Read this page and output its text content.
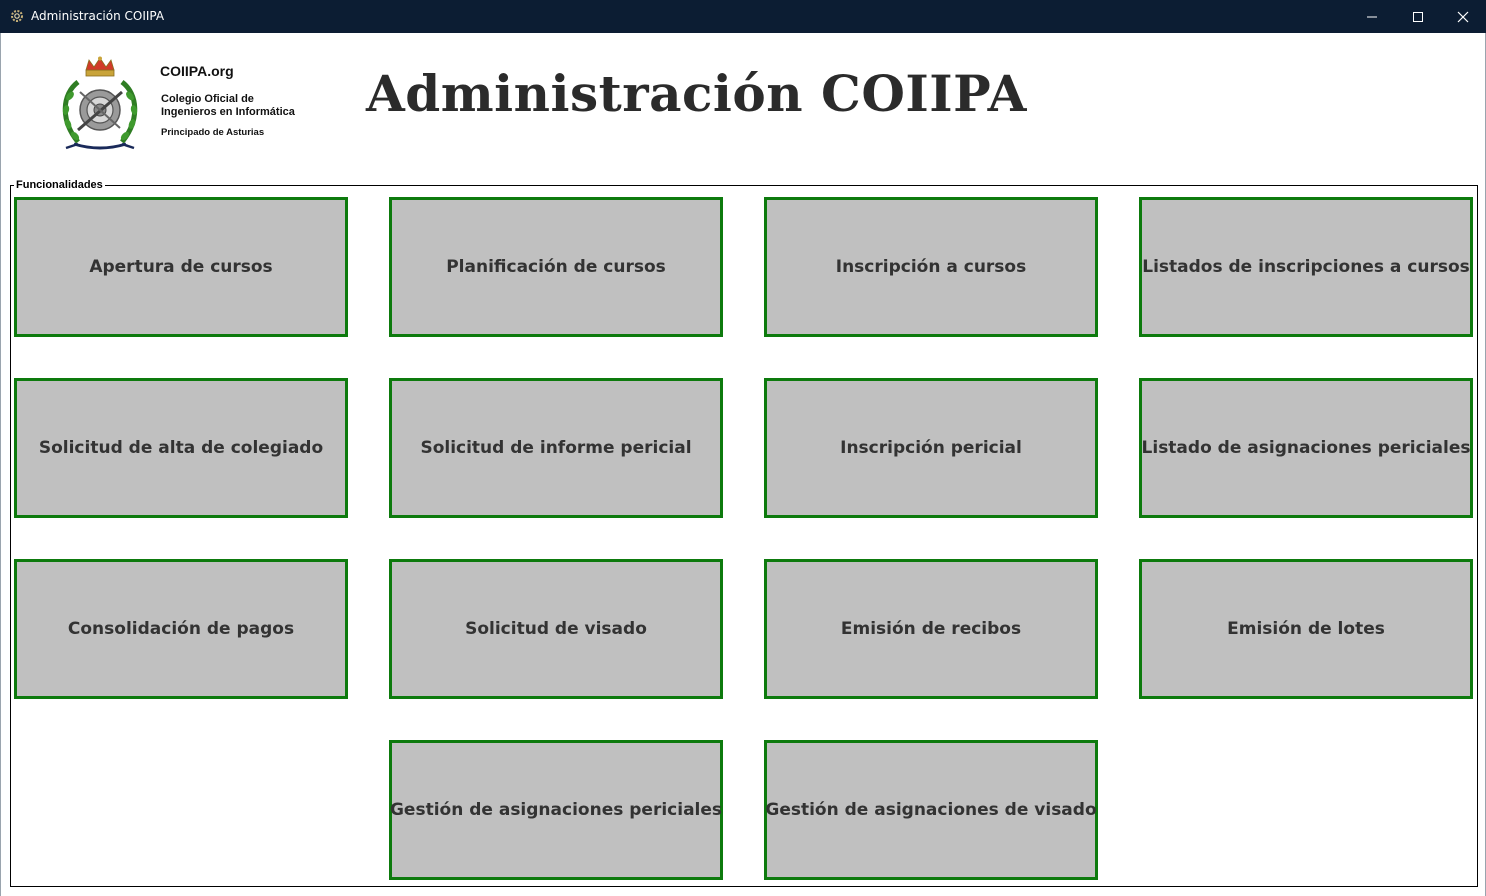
Administración COIIPA
COIIPA.org
Colegio Oficial de
Ingenieros en Informática
Principado de Asturias
Administración COIIPA
Funcionalidades
Apertura de cursos	Planificación de cursos	Inscripción a cursos	Listados de inscripciones a cursos
Solicitud de alta de colegiado	Solicitud de informe pericial	Inscripción pericial	Listado de asignaciones periciales
Consolidación de pagos	Solicitud de visado	Emisión de recibos	Emisión de lotes
Gestión de asignaciones periciales	Gestión de asignaciones de visado
